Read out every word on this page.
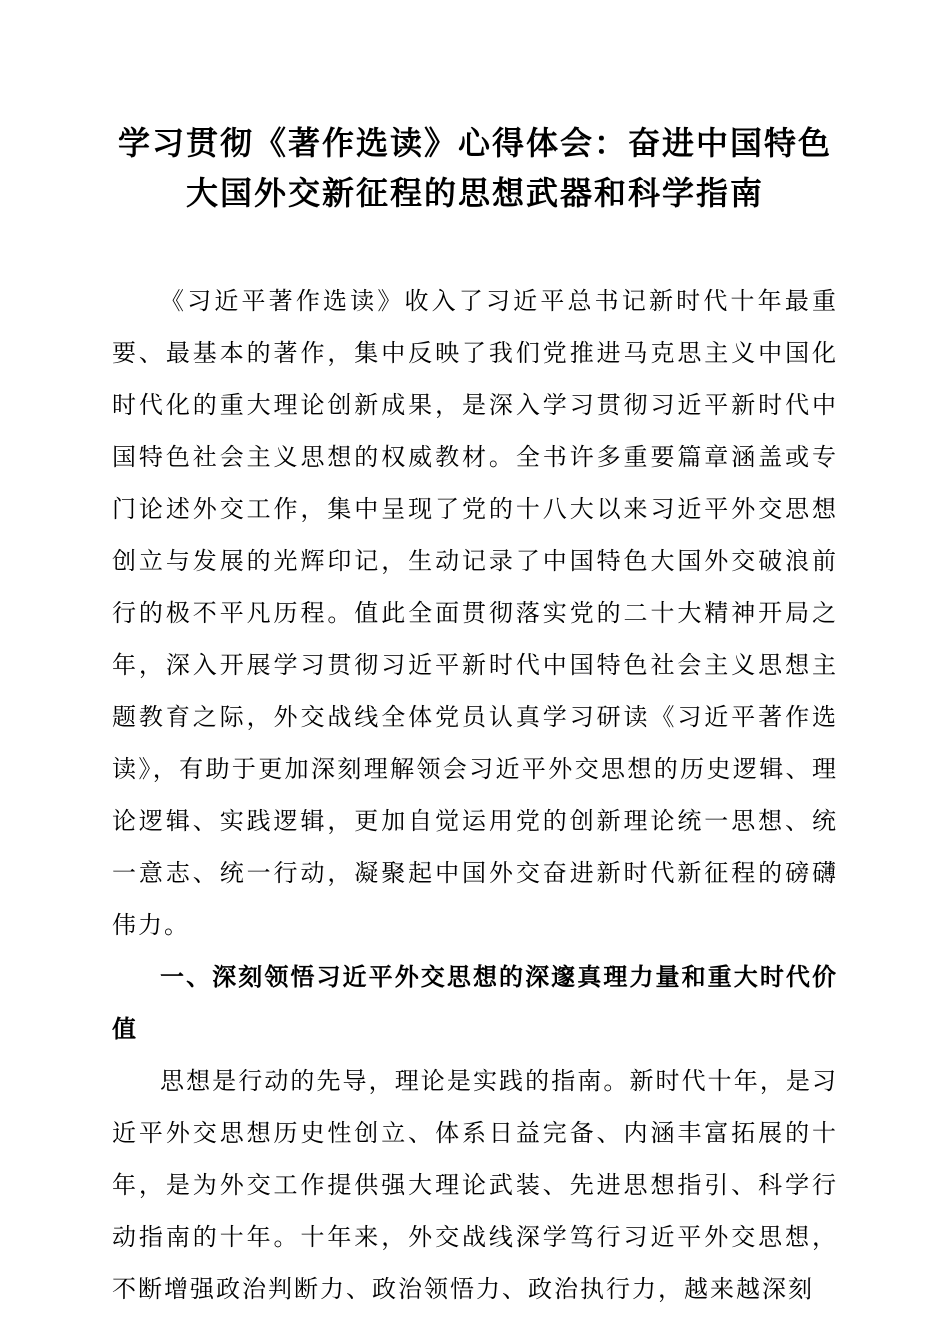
学习贯彻《著作选读》心得体会：奋进中国特色大国外交新征程的思想武器和科学指南

《习近平著作选读》收入了习近平总书记新时代十年最重要、最基本的著作，集中反映了我们党推进马克思主义中国化时代化的重大理论创新成果，是深入学习贯彻习近平新时代中国特色社会主义思想的权威教材。全书许多重要篇章涵盖或专门论述外交工作，集中呈现了党的十八大以来习近平外交思想创立与发展的光辉印记，生动记录了中国特色大国外交破浪前行的极不平凡历程。值此全面贯彻落实党的二十大精神开局之年，深入开展学习贯彻习近平新时代中国特色社会主义思想主题教育之际，外交战线全体党员认真学习研读《习近平著作选读》，有助于更加深刻理解领会习近平外交思想的历史逻辑、理论逻辑、实践逻辑，更加自觉运用党的创新理论统一思想、统一意志、统一行动，凝聚起中国外交奋进新时代新征程的磅礴伟力。

一、深刻领悟习近平外交思想的深邃真理力量和重大时代价值

思想是行动的先导，理论是实践的指南。新时代十年，是习近平外交思想历史性创立、体系日益完备、内涵丰富拓展的十年，是为外交工作提供强大理论武装、先进思想指引、科学行动指南的十年。十年来，外交战线深学笃行习近平外交思想，不断增强政治判断力、政治领悟力、政治执行力，越来越深刻
